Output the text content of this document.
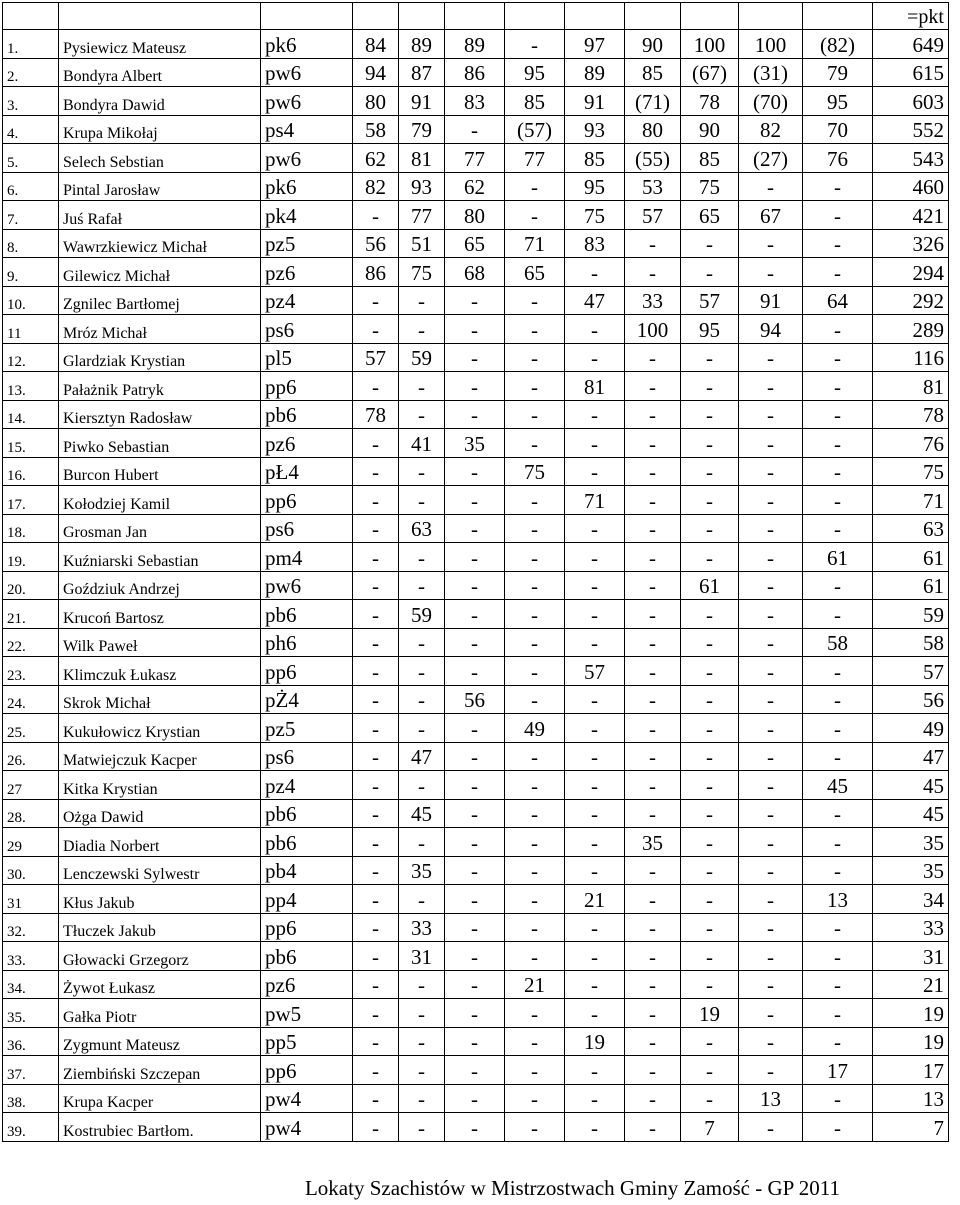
												=pkt
1.	Pysiewicz Mateusz	pk6	84	89	89	-	97	90	100	100	(82)	649
2.	Bondyra Albert	pw6	94	87	86	95	89	85	(67)	(31)	79	615
3.	Bondyra Dawid	pw6	80	91	83	85	91	(71)	78	(70)	95	603
4.	Krupa Mikołaj	ps4	58	79	-	(57)	93	80	90	82	70	552
5.	Selech Sebstian	pw6	62	81	77	77	85	(55)	85	(27)	76	543
6.	Pintal Jarosław	pk6	82	93	62	-	95	53	75	-	-	460
7.	Juś Rafał	pk4	-	77	80	-	75	57	65	67	-	421
8.	Wawrzkiewicz Michał	pz5	56	51	65	71	83	-	-	-	-	326
9.	Gilewicz Michał	pz6	86	75	68	65	-	-	-	-	-	294
10.	Zgnilec Bartłomej	pz4	-	-	-	-	47	33	57	91	64	292
11	Mróz Michał	ps6	-	-	-	-	-	100	95	94	-	289
12.	Glardziak Krystian	pl5	57	59	-	-	-	-	-	-	-	116
13.	Pałażnik Patryk	pp6	-	-	-	-	81	-	-	-	-	81
14.	Kiersztyn Radosław	pb6	78	-	-	-	-	-	-	-	-	78
15.	Piwko Sebastian	pz6	-	41	35	-	-	-	-	-	-	76
16.	Burcon Hubert	pŁ4	-	-	-	75	-	-	-	-	-	75
17.	Kołodziej Kamil	pp6	-	-	-	-	71	-	-	-	-	71
18.	Grosman Jan	ps6	-	63	-	-	-	-	-	-	-	63
19.	Kuźniarski Sebastian	pm4	-	-	-	-	-	-	-	-	61	61
20.	Goździuk Andrzej	pw6	-	-	-	-	-	-	61	-	-	61
21.	Krucoń Bartosz	pb6	-	59	-	-	-	-	-	-	-	59
22.	Wilk Paweł	ph6	-	-	-	-	-	-	-	-	58	58
23.	Klimczuk Łukasz	pp6	-	-	-	-	57	-	-	-	-	57
24.	Skrok Michał	pŻ4	-	-	56	-	-	-	-	-	-	56
25.	Kukułowicz Krystian	pz5	-	-	-	49	-	-	-	-	-	49
26.	Matwiejczuk Kacper	ps6	-	47	-	-	-	-	-	-	-	47
27	Kitka Krystian	pz4	-	-	-	-	-	-	-	-	45	45
28.	Ożga Dawid	pb6	-	45	-	-	-	-	-	-	-	45
29	Diadia Norbert	pb6	-	-	-	-	-	35	-	-	-	35
30.	Lenczewski Sylwestr	pb4	-	35	-	-	-	-	-	-	-	35
31	Kłus Jakub	pp4	-	-	-	-	21	-	-	-	13	34
32.	Tłuczek Jakub	pp6	-	33	-	-	-	-	-	-	-	33
33.	Głowacki Grzegorz	pb6	-	31	-	-	-	-	-	-	-	31
34.	Żywot Łukasz	pz6	-	-	-	21	-	-	-	-	-	21
35.	Gałka Piotr	pw5	-	-	-	-	-	-	19	-	-	19
36.	Zygmunt Mateusz	pp5	-	-	-	-	19	-	-	-	-	19
37.	Ziembiński Szczepan	pp6	-	-	-	-	-	-	-	-	17	17
38.	Krupa Kacper	pw4	-	-	-	-	-	-	-	13	-	13
39.	Kostrubiec Bartłom.	pw4	-	-	-	-	-	-	7	-	-	7
Lokaty Szachistów w Mistrzostwach Gminy Zamość - GP 2011
